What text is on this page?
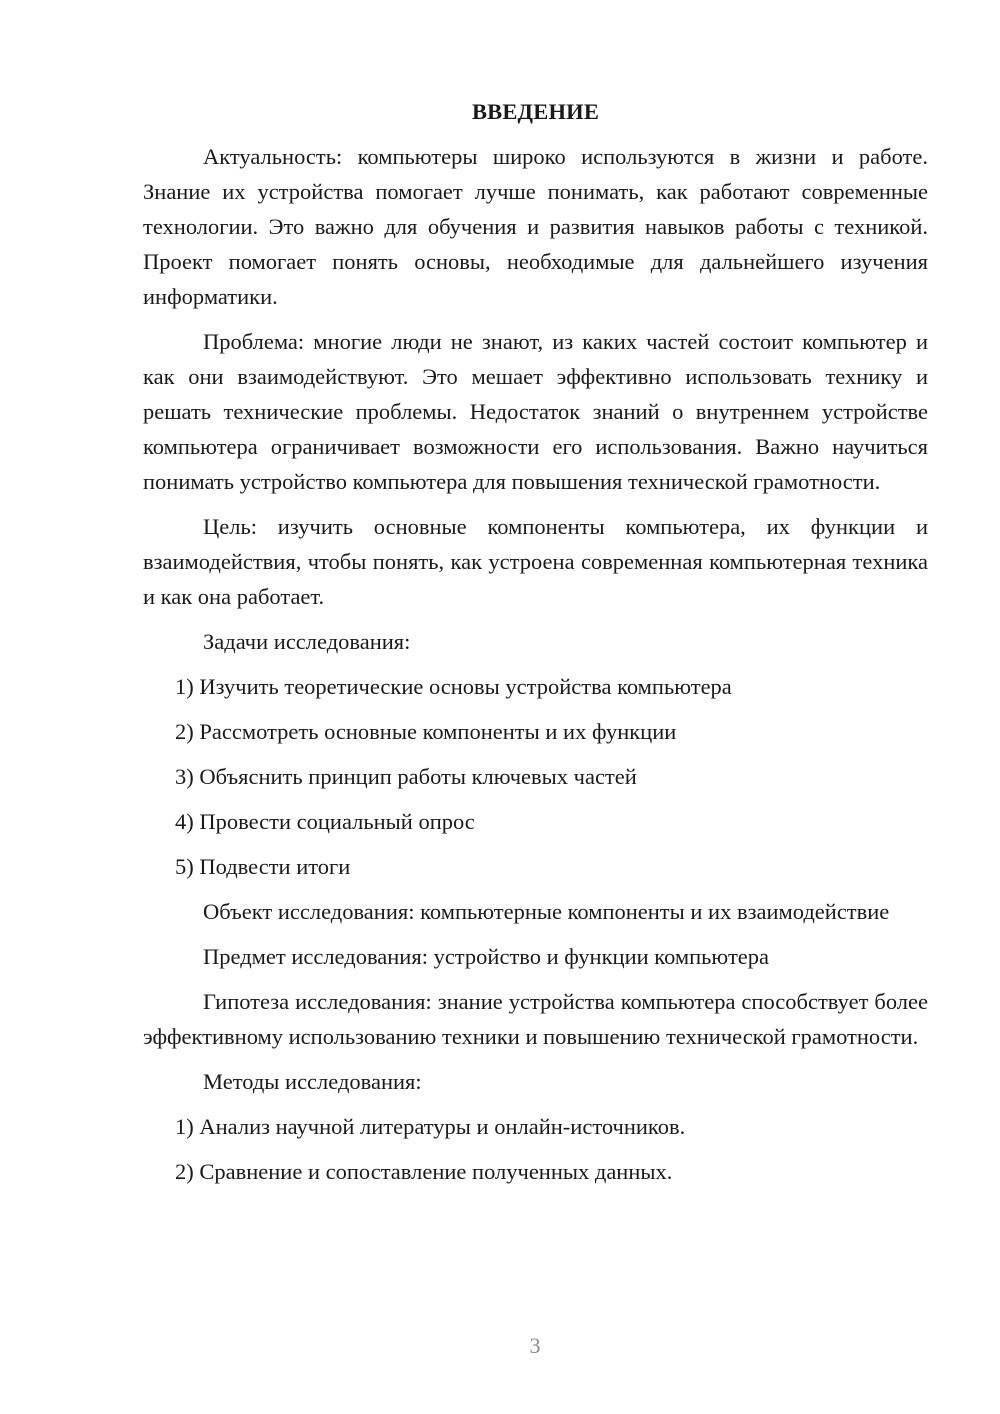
ВВЕДЕНИЕ

Актуальность: компьютеры широко используются в жизни и работе. Знание их устройства помогает лучше понимать, как работают современные технологии. Это важно для обучения и развития навыков работы с техникой. Проект помогает понять основы, необходимые для дальнейшего изучения информатики.

Проблема: многие люди не знают, из каких частей состоит компьютер и как они взаимодействуют. Это мешает эффективно использовать технику и решать технические проблемы. Недостаток знаний о внутреннем устройстве компьютера ограничивает возможности его использования. Важно научиться понимать устройство компьютера для повышения технической грамотности.

Цель: изучить основные компоненты компьютера, их функции и взаимодействия, чтобы понять, как устроена современная компьютерная техника и как она работает.

Задачи исследования:
1) Изучить теоретические основы устройства компьютера
2) Рассмотреть основные компоненты и их функции
3) Объяснить принцип работы ключевых частей
4) Провести социальный опрос
5) Подвести итоги

Объект исследования: компьютерные компоненты и их взаимодействие

Предмет исследования: устройство и функции компьютера

Гипотеза исследования: знание устройства компьютера способствует более эффективному использованию техники и повышению технической грамотности.

Методы исследования:
1) Анализ научной литературы и онлайн-источников.
2) Сравнение и сопоставление полученных данных.
3
